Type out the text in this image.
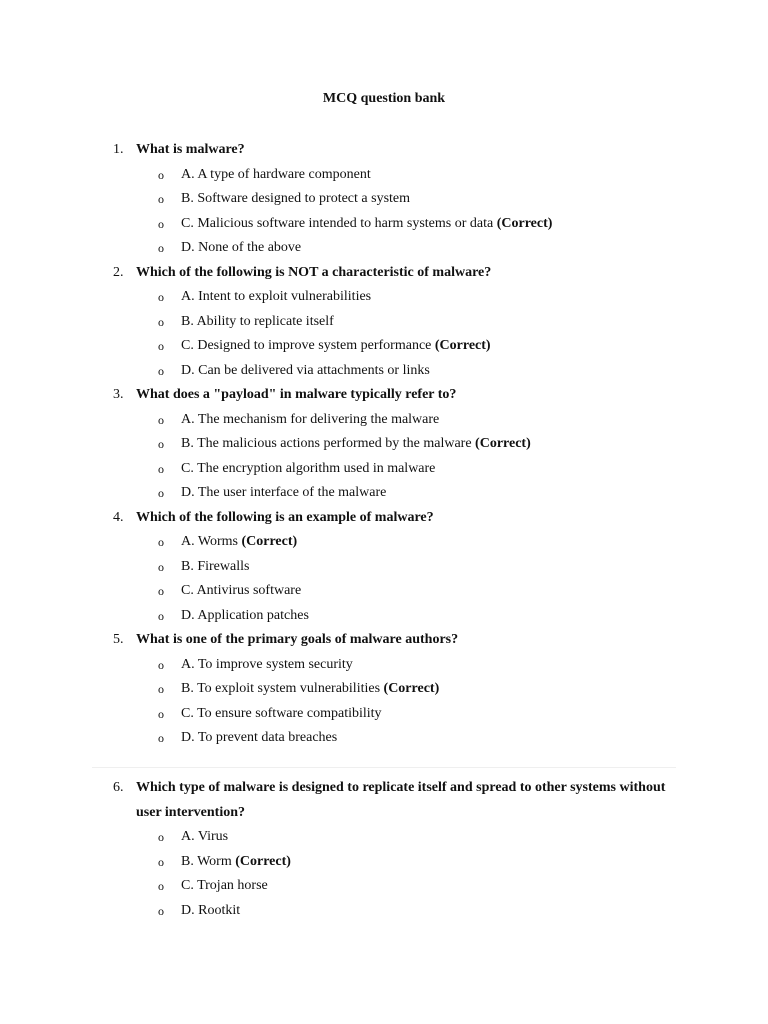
MCQ question bank
1. What is malware?
o A. A type of hardware component
o B. Software designed to protect a system
o C. Malicious software intended to harm systems or data (Correct)
o D. None of the above
2. Which of the following is NOT a characteristic of malware?
o A. Intent to exploit vulnerabilities
o B. Ability to replicate itself
o C. Designed to improve system performance (Correct)
o D. Can be delivered via attachments or links
3. What does a "payload" in malware typically refer to?
o A. The mechanism for delivering the malware
o B. The malicious actions performed by the malware (Correct)
o C. The encryption algorithm used in malware
o D. The user interface of the malware
4. Which of the following is an example of malware?
o A. Worms (Correct)
o B. Firewalls
o C. Antivirus software
o D. Application patches
5. What is one of the primary goals of malware authors?
o A. To improve system security
o B. To exploit system vulnerabilities (Correct)
o C. To ensure software compatibility
o D. To prevent data breaches
6. Which type of malware is designed to replicate itself and spread to other systems without user intervention?
o A. Virus
o B. Worm (Correct)
o C. Trojan horse
o D. Rootkit
